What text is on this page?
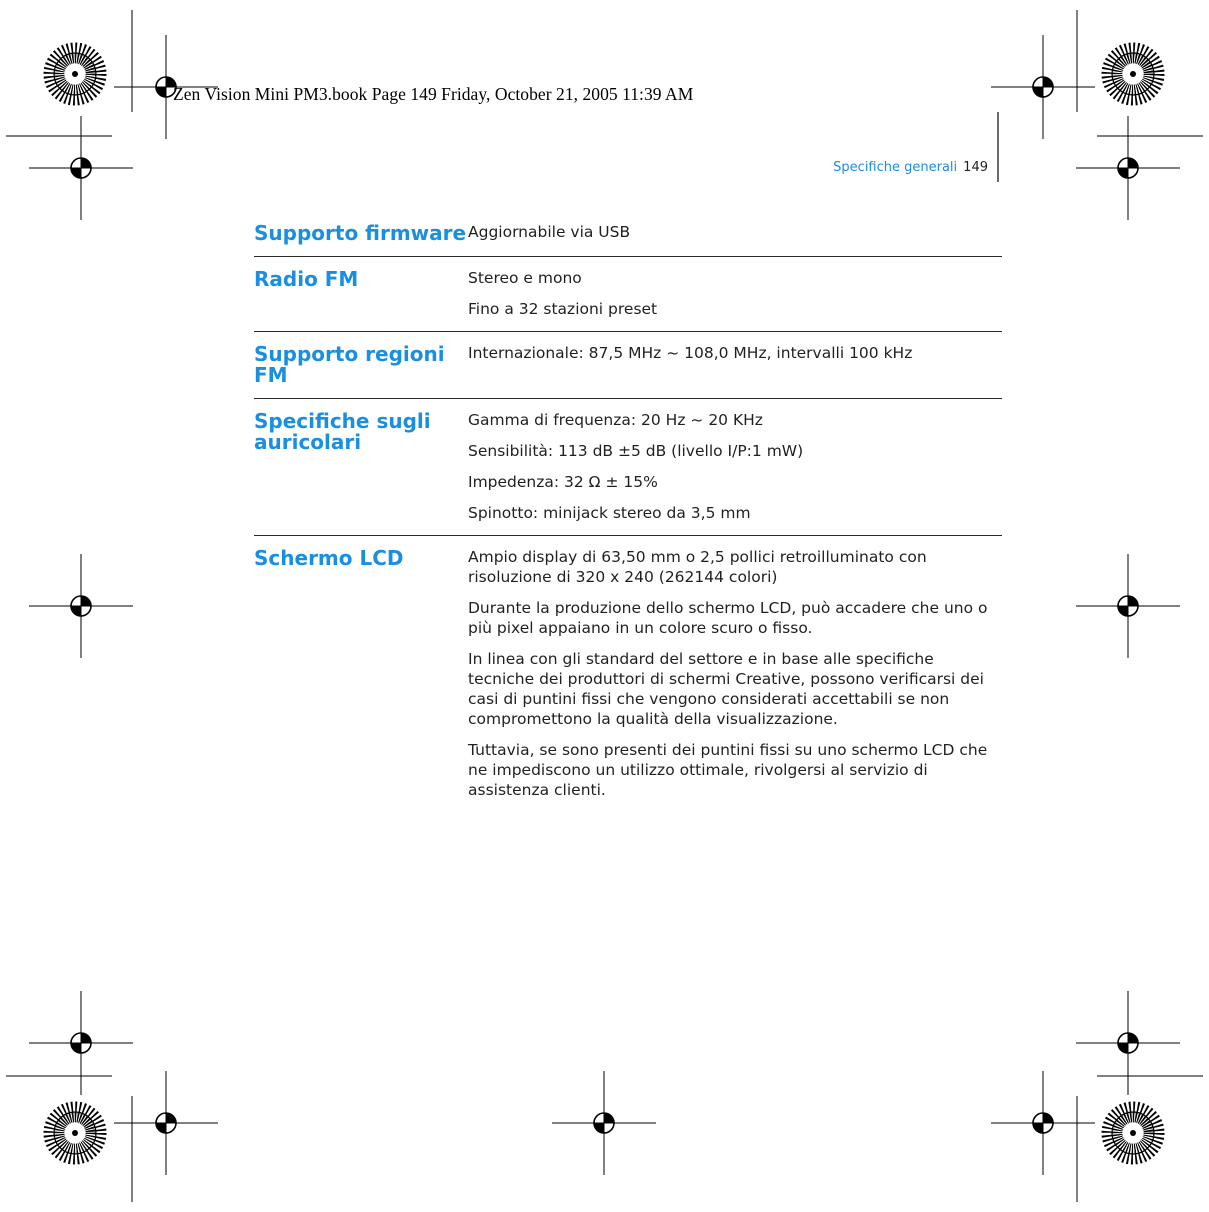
Zen Vision Mini PM3.book Page 149 Friday, October 21, 2005 11:39 AM
Specifiche generali 149
Supporto firmware Aggiornabile via USB

Radio FM	Stereo e mono

Fino a 32 stazioni preset

Supporto regioni FM

Internazionale: 87,5 MHz ~ 108,0 MHz, intervalli 100 kHz

Specifiche sugli auricolari

Gamma di frequenza: 20 Hz ~ 20 KHz

Sensibilità: 113 dB ±5 dB (livello I/P:1 mW)

Impedenza: 32 Ω ± 15%

Spinotto: minijack stereo da 3,5 mm

Schermo LCD	Ampio display di 63,50 mm o 2,5 pollici retroilluminato con risoluzione di 320 x 240 (262144 colori)

Durante la produzione dello schermo LCD, può accadere che uno o più pixel appaiano in un colore scuro o fisso.

In linea con gli standard del settore e in base alle specifiche tecniche dei produttori di schermi Creative, possono verificarsi dei casi di puntini fissi che vengono considerati accettabili se non compromettono la qualità della visualizzazione.

Tuttavia, se sono presenti dei puntini fissi su uno schermo LCD che ne impediscono un utilizzo ottimale, rivolgersi al servizio di assistenza clienti.
